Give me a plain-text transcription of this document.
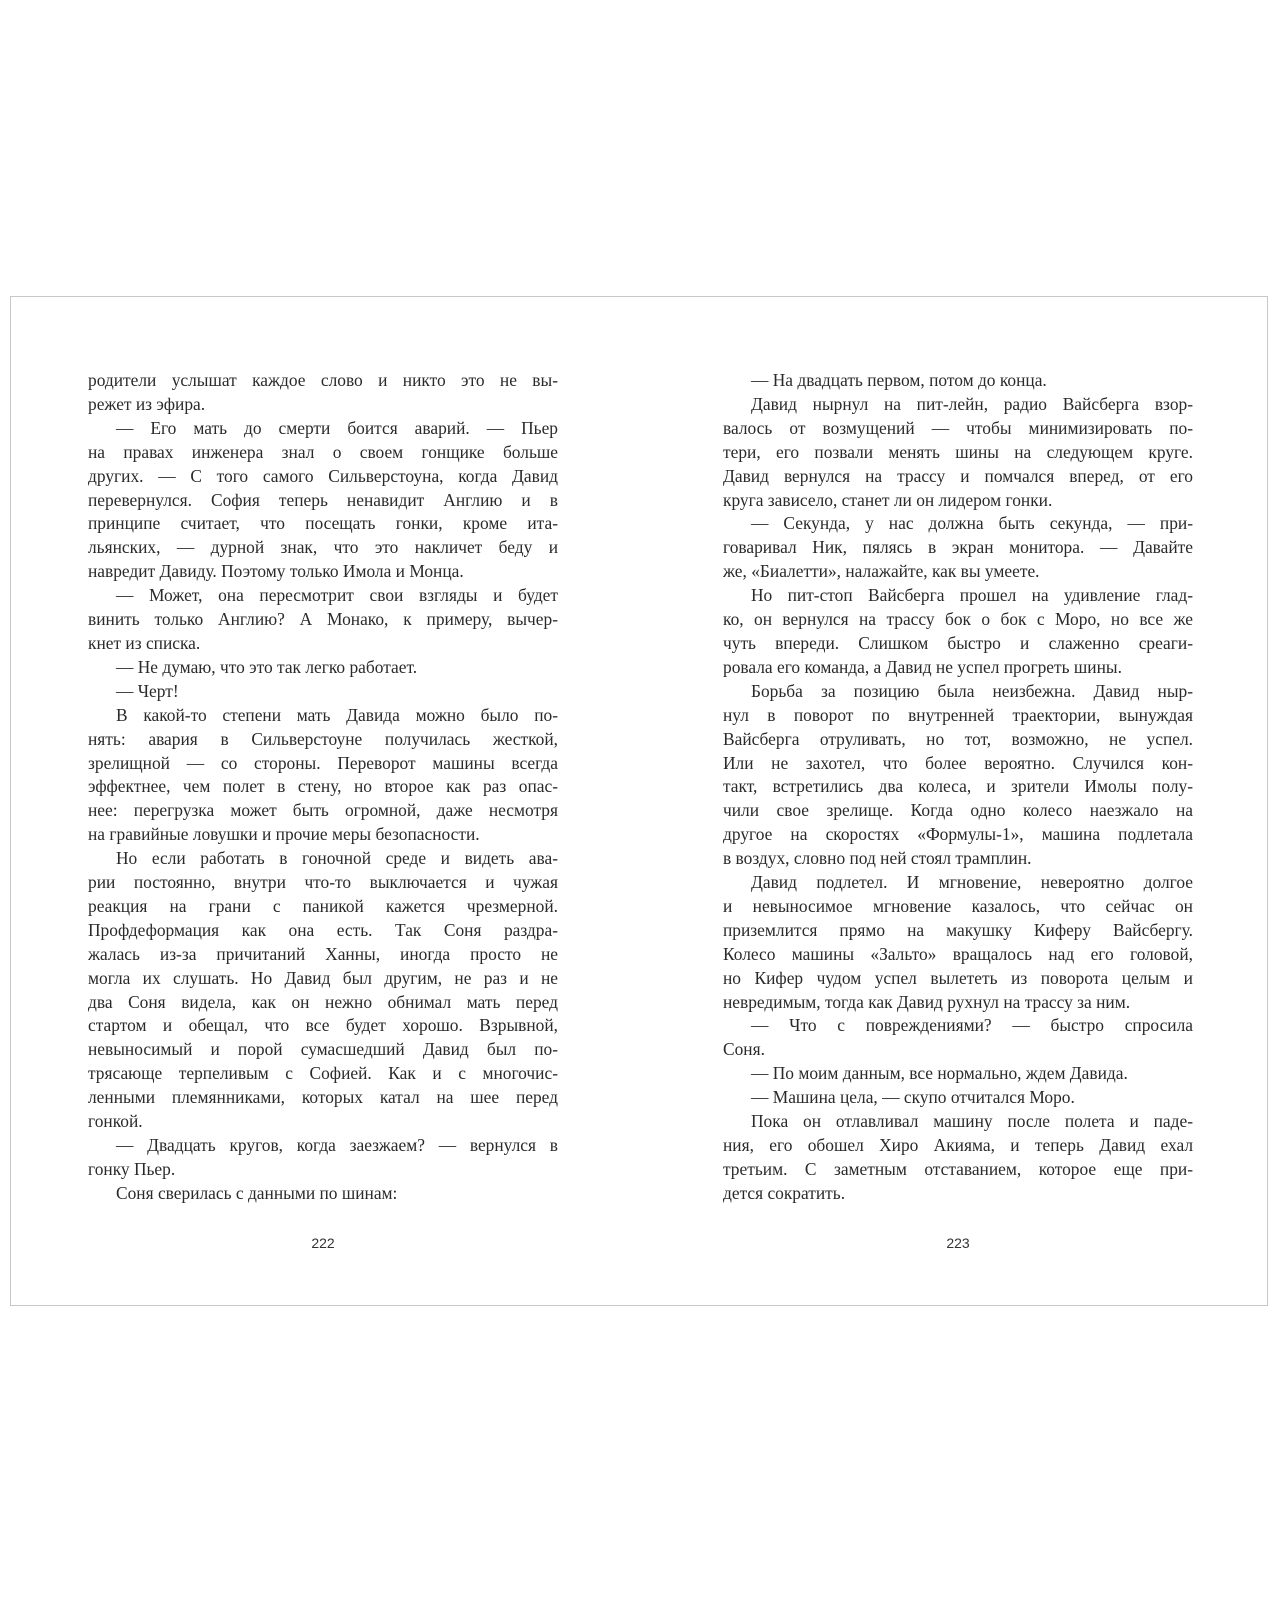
родители услышат каждое слово и никто это не вы-

режет из эфира.

— Его мать до смерти боится аварий. — Пьер

на правах инженера знал о своем гонщике больше

других. — С того самого Сильверстоуна, когда Давид

перевернулся. София теперь ненавидит Англию и в

принципе считает, что посещать гонки, кроме ита-

льянских, — дурной знак, что это накличет беду и

навредит Давиду. Поэтому только Имола и Монца.

— Может, она пересмотрит свои взгляды и будет

винить только Англию? А Монако, к примеру, вычер-

кнет из списка.

— Не думаю, что это так легко работает.

— Черт!

В какой-то степени мать Давида можно было по-

нять: авария в Сильверстоуне получилась жесткой,

зрелищной — со стороны. Переворот машины всегда

эффектнее, чем полет в стену, но второе как раз опас-

нее: перегрузка может быть огромной, даже несмотря

на гравийные ловушки и прочие меры безопасности.

Но если работать в гоночной среде и видеть ава-

рии постоянно, внутри что-то выключается и чужая

реакция на грани с паникой кажется чрезмерной.

Профдеформация как она есть. Так Соня раздра-

жалась из-за причитаний Ханны, иногда просто не

могла их слушать. Но Давид был другим, не раз и не

два Соня видела, как он нежно обнимал мать перед

стартом и обещал, что все будет хорошо. Взрывной,

невыносимый и порой сумасшедший Давид был по-

трясающе терпеливым с Софией. Как и с многочис-

ленными племянниками, которых катал на шее перед

гонкой.

— Двадцать кругов, когда заезжаем? — вернулся в

гонку Пьер.

Соня сверилась с данными по шинам:

222

— На двадцать первом, потом до конца.

Давид нырнул на пит-лейн, радио Вайсберга взор-

валось от возмущений — чтобы минимизировать по-

тери, его позвали менять шины на следующем круге.

Давид вернулся на трассу и помчался вперед, от его

круга зависело, станет ли он лидером гонки.

— Секунда, у нас должна быть секунда, — при-

говаривал Ник, пялясь в экран монитора. — Давайте

же, «Биалетти», налажайте, как вы умеете.

Но пит-стоп Вайсберга прошел на удивление глад-

ко, он вернулся на трассу бок о бок с Моро, но все же

чуть впереди. Слишком быстро и слаженно среаги-

ровала его команда, а Давид не успел прогреть шины.

Борьба за позицию была неизбежна. Давид ныр-

нул в поворот по внутренней траектории, вынуждая

Вайсберга отруливать, но тот, возможно, не успел.

Или не захотел, что более вероятно. Случился кон-

такт, встретились два колеса, и зрители Имолы полу-

чили свое зрелище. Когда одно колесо наезжало на

другое на скоростях «Формулы-1», машина подлетала

в воздух, словно под ней стоял трамплин.

Давид подлетел. И мгновение, невероятно долгое

и невыносимое мгновение казалось, что сейчас он

приземлится прямо на макушку Киферу Вайсбергу.

Колесо машины «Зальто» вращалось над его головой,

но Кифер чудом успел вылететь из поворота целым и

невредимым, тогда как Давид рухнул на трассу за ним.

— Что с повреждениями? — быстро спросила

Соня.

— По моим данным, все нормально, ждем Давида.

— Машина цела, — скупо отчитался Моро.

Пока он отлавливал машину после полета и паде-

ния, его обошел Хиро Акияма, и теперь Давид ехал

третьим. С заметным отставанием, которое еще при-

дется сократить.

223
